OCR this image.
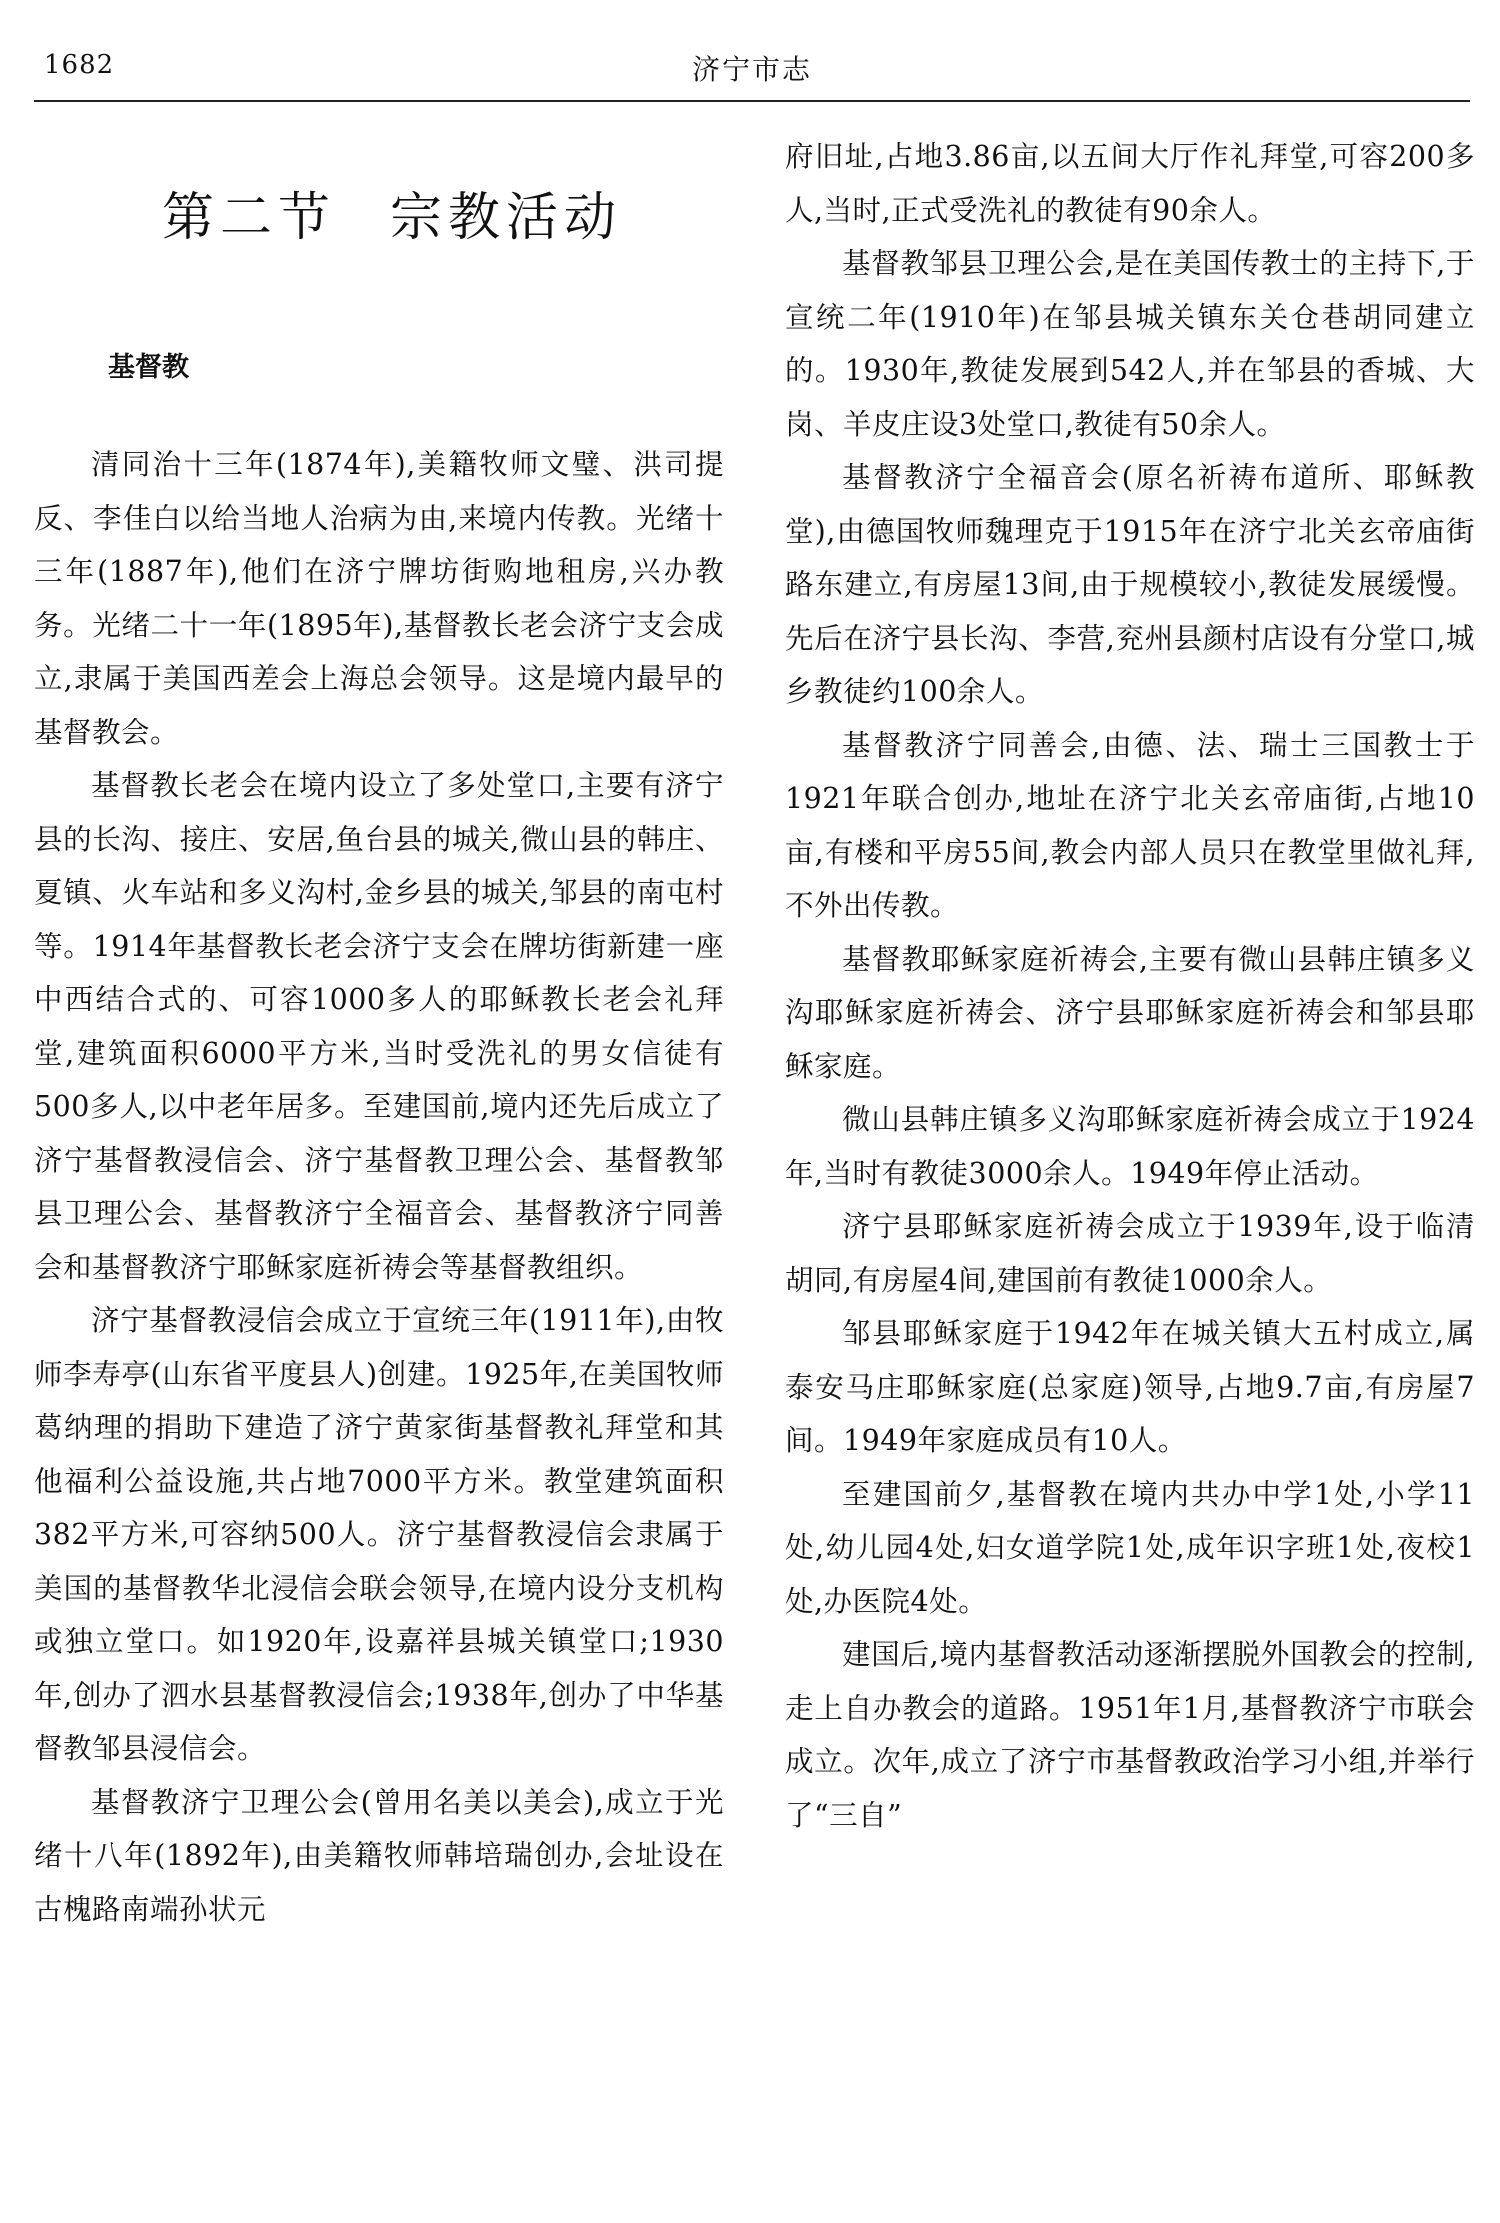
1682	济宁市志
第二节 宗教活动
基督教

清同治十三年(1874年),美籍牧师文璧、洪司提反、李佳白以给当地人治病为由,来境内传教。光绪十三年(1887年),他们在济宁牌坊街购地租房,兴办教务。光绪二十一年(1895年),基督教长老会济宁支会成立,隶属于美国西差会上海总会领导。这是境内最早的基督教会。

基督教长老会在境内设立了多处堂口,主要有济宁县的长沟、接庄、安居,鱼台县的城关,微山县的韩庄、夏镇、火车站和多义沟村,金乡县的城关,邹县的南屯村等。1914年基督教长老会济宁支会在牌坊街新建一座中西结合式的、可容1000多人的耶稣教长老会礼拜堂,建筑面积6000平方米,当时受洗礼的男女信徒有500多人,以中老年居多。至建国前,境内还先后成立了济宁基督教浸信会、济宁基督教卫理公会、基督教邹县卫理公会、基督教济宁全福音会、基督教济宁同善会和基督教济宁耶稣家庭祈祷会等基督教组织。

济宁基督教浸信会成立于宣统三年(1911年),由牧师李寿亭(山东省平度县人)创建。1925年,在美国牧师葛纳理的捐助下建造了济宁黄家街基督教礼拜堂和其他福利公益设施,共占地7000平方米。教堂建筑面积382平方米,可容纳500人。济宁基督教浸信会隶属于美国的基督教华北浸信会联会领导,在境内设分支机构或独立堂口。如1920年,设嘉祥县城关镇堂口;1930年,创办了泗水县基督教浸信会;1938年,创办了中华基督教邹县浸信会。

基督教济宁卫理公会(曾用名美以美会),成立于光绪十八年(1892年),由美籍牧师韩培瑞创办,会址设在古槐路南端孙状元

府旧址,占地3.86亩,以五间大厅作礼拜堂,可容200多人,当时,正式受洗礼的教徒有90余人。

基督教邹县卫理公会,是在美国传教士的主持下,于宣统二年(1910年)在邹县城关镇东关仓巷胡同建立的。1930年,教徒发展到542人,并在邹县的香城、大岗、羊皮庄设3处堂口,教徒有50余人。

基督教济宁全福音会(原名祈祷布道所、耶稣教堂),由德国牧师魏理克于1915年在济宁北关玄帝庙街路东建立,有房屋13间,由于规模较小,教徒发展缓慢。先后在济宁县长沟、李营,兖州县颜村店设有分堂口,城乡教徒约100余人。

基督教济宁同善会,由德、法、瑞士三国教士于1921年联合创办,地址在济宁北关玄帝庙街,占地10亩,有楼和平房55间,教会内部人员只在教堂里做礼拜,不外出传教。

基督教耶稣家庭祈祷会,主要有微山县韩庄镇多义沟耶稣家庭祈祷会、济宁县耶稣家庭祈祷会和邹县耶稣家庭。

微山县韩庄镇多义沟耶稣家庭祈祷会成立于1924年,当时有教徒3000余人。1949年停止活动。

济宁县耶稣家庭祈祷会成立于1939年,设于临清胡同,有房屋4间,建国前有教徒1000余人。

邹县耶稣家庭于1942年在城关镇大五村成立,属泰安马庄耶稣家庭(总家庭)领导,占地9.7亩,有房屋7间。1949年家庭成员有10人。

至建国前夕,基督教在境内共办中学1处,小学11处,幼儿园4处,妇女道学院1处,成年识字班1处,夜校1处,办医院4处。

建国后,境内基督教活动逐渐摆脱外国教会的控制,走上自办教会的道路。1951年1月,基督教济宁市联会成立。次年,成立了济宁市基督教政治学习小组,并举行了“三自”
